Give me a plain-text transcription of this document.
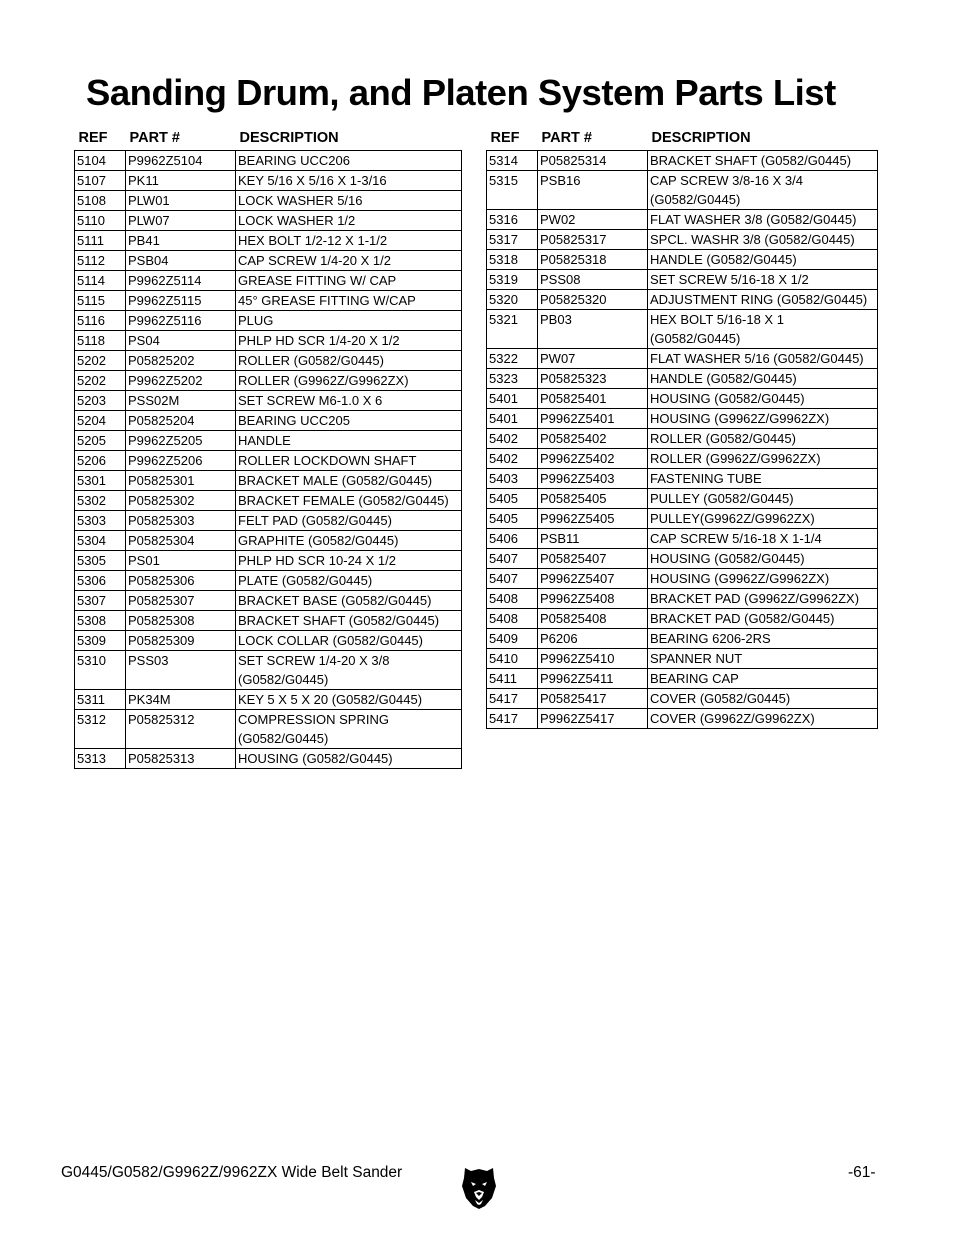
Sanding Drum, and Platen System Parts List
REF	PART #	DESCRIPTION
5104	P9962Z5104	BEARING UCC206
5107	PK11	KEY 5/16 X 5/16 X 1-3/16
5108	PLW01	LOCK WASHER 5/16
5110	PLW07	LOCK WASHER 1/2
5111	PB41	HEX BOLT 1/2-12 X 1-1/2
5112	PSB04	CAP SCREW 1/4-20 X 1/2
5114	P9962Z5114	GREASE FITTING W/ CAP
5115	P9962Z5115	45° GREASE FITTING W/CAP
5116	P9962Z5116	PLUG
5118	PS04	PHLP HD SCR 1/4-20 X 1/2
5202	P05825202	ROLLER (G0582/G0445)
5202	P9962Z5202	ROLLER (G9962Z/G9962ZX)
5203	PSS02M	SET SCREW M6-1.0 X 6
5204	P05825204	BEARING UCC205
5205	P9962Z5205	HANDLE
5206	P9962Z5206	ROLLER LOCKDOWN SHAFT
5301	P05825301	BRACKET MALE (G0582/G0445)
5302	P05825302	BRACKET FEMALE (G0582/G0445)
5303	P05825303	FELT PAD (G0582/G0445)
5304	P05825304	GRAPHITE (G0582/G0445)
5305	PS01	PHLP HD SCR 10-24 X 1/2
5306	P05825306	PLATE (G0582/G0445)
5307	P05825307	BRACKET BASE (G0582/G0445)
5308	P05825308	BRACKET SHAFT (G0582/G0445)
5309	P05825309	LOCK COLLAR (G0582/G0445)
5310	PSS03	SET SCREW 1/4-20 X 3/8 (G0582/G0445)
5311	PK34M	KEY 5 X 5 X 20 (G0582/G0445)
5312	P05825312	COMPRESSION SPRING (G0582/G0445)
5313	P05825313	HOUSING (G0582/G0445)
REF	PART #	DESCRIPTION
5314	P05825314	BRACKET SHAFT (G0582/G0445)
5315	PSB16	CAP SCREW 3/8-16 X 3/4 (G0582/G0445)
5316	PW02	FLAT WASHER 3/8 (G0582/G0445)
5317	P05825317	SPCL. WASHR 3/8 (G0582/G0445)
5318	P05825318	HANDLE (G0582/G0445)
5319	PSS08	SET SCREW 5/16-18 X 1/2
5320	P05825320	ADJUSTMENT RING (G0582/G0445)
5321	PB03	HEX BOLT 5/16-18 X 1 (G0582/G0445)
5322	PW07	FLAT WASHER 5/16 (G0582/G0445)
5323	P05825323	HANDLE (G0582/G0445)
5401	P05825401	HOUSING (G0582/G0445)
5401	P9962Z5401	HOUSING (G9962Z/G9962ZX)
5402	P05825402	ROLLER (G0582/G0445)
5402	P9962Z5402	ROLLER (G9962Z/G9962ZX)
5403	P9962Z5403	FASTENING TUBE
5405	P05825405	PULLEY (G0582/G0445)
5405	P9962Z5405	PULLEY(G9962Z/G9962ZX)
5406	PSB11	CAP SCREW 5/16-18 X 1-1/4
5407	P05825407	HOUSING (G0582/G0445)
5407	P9962Z5407	HOUSING (G9962Z/G9962ZX)
5408	P9962Z5408	BRACKET PAD (G9962Z/G9962ZX)
5408	P05825408	BRACKET PAD (G0582/G0445)
5409	P6206	BEARING 6206-2RS
5410	P9962Z5410	SPANNER NUT
5411	P9962Z5411	BEARING CAP
5417	P05825417	COVER (G0582/G0445)
5417	P9962Z5417	COVER (G9962Z/G9962ZX)
G0445/G0582/G9962Z/9962ZX Wide Belt Sander	-61-
